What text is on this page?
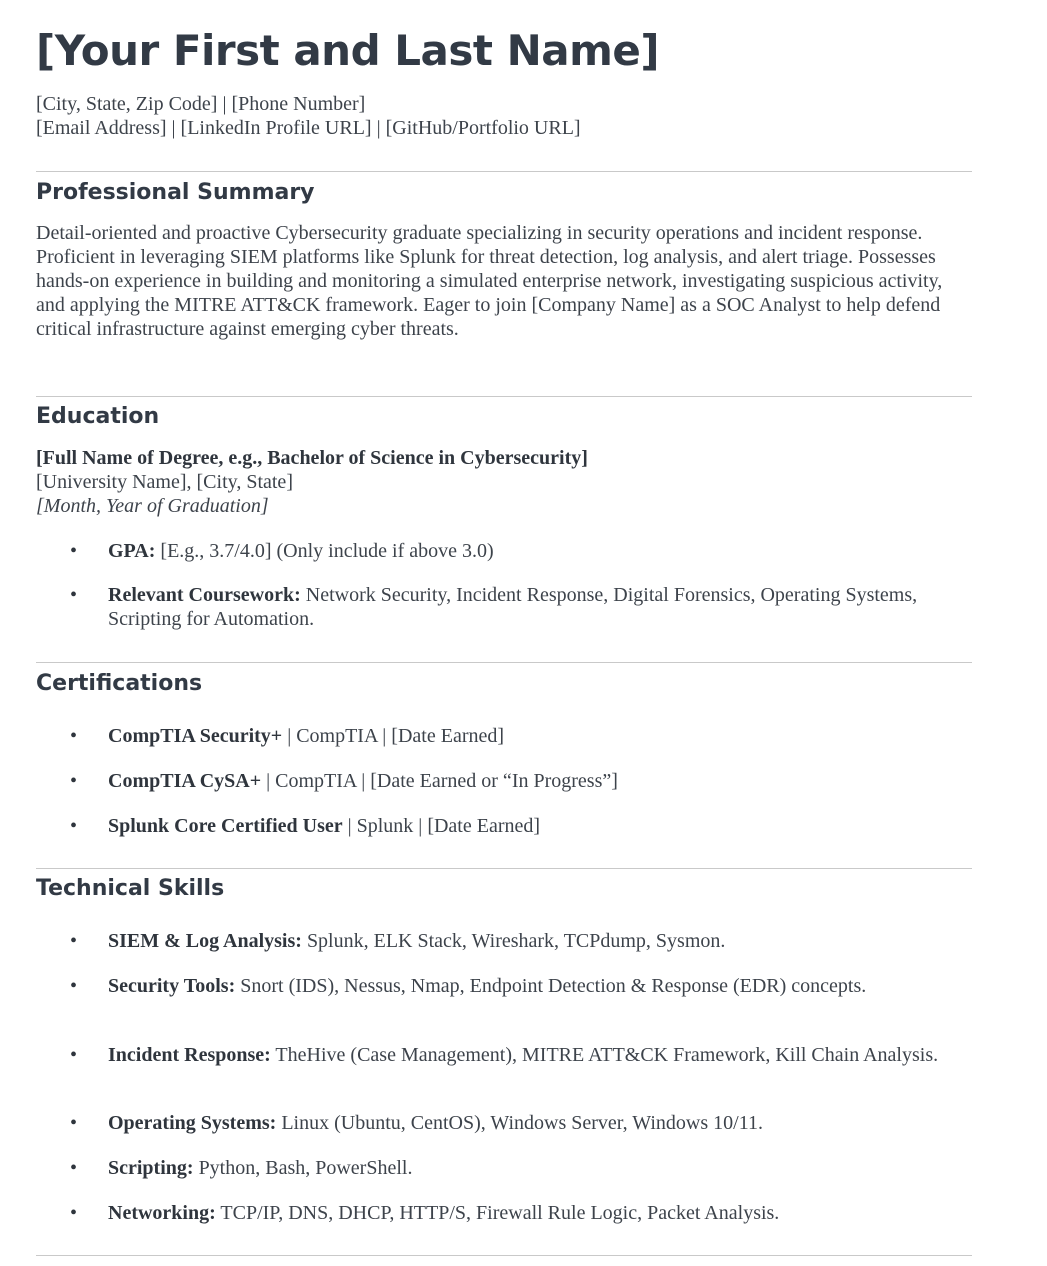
[Your First and Last Name]
[City, State, Zip Code] | [Phone Number]
[Email Address] | [LinkedIn Profile URL] | [GitHub/Portfolio URL]
Professional Summary

Detail-oriented and proactive Cybersecurity graduate specializing in security operations and incident response. Proficient in leveraging SIEM platforms like Splunk for threat detection, log analysis, and alert triage. Possesses hands-on experience in building and monitoring a simulated enterprise network, investigating suspicious activity, and applying the MITRE ATT&CK framework. Eager to join [Company Name] as a SOC Analyst to help defend critical infrastructure against emerging cyber threats.

Education
[Full Name of Degree, e.g., Bachelor of Science in Cybersecurity]
[University Name], [City, State]
[Month, Year of Graduation]
• GPA: [E.g., 3.7/4.0] (Only include if above 3.0)
• Relevant Coursework: Network Security, Incident Response, Digital Forensics, Operating Systems, Scripting for Automation.
Certifications
• CompTIA Security+ | CompTIA | [Date Earned]
• CompTIA CySA+ | CompTIA | [Date Earned or “In Progress”]
• Splunk Core Certified User | Splunk | [Date Earned]
Technical Skills
• SIEM & Log Analysis: Splunk, ELK Stack, Wireshark, TCPdump, Sysmon.
• Security Tools: Snort (IDS), Nessus, Nmap, Endpoint Detection & Response (EDR) concepts.
• Incident Response: TheHive (Case Management), MITRE ATT&CK Framework, Kill Chain Analysis.
• Operating Systems: Linux (Ubuntu, CentOS), Windows Server, Windows 10/11.
• Scripting: Python, Bash, PowerShell.
• Networking: TCP/IP, DNS, DHCP, HTTP/S, Firewall Rule Logic, Packet Analysis.
